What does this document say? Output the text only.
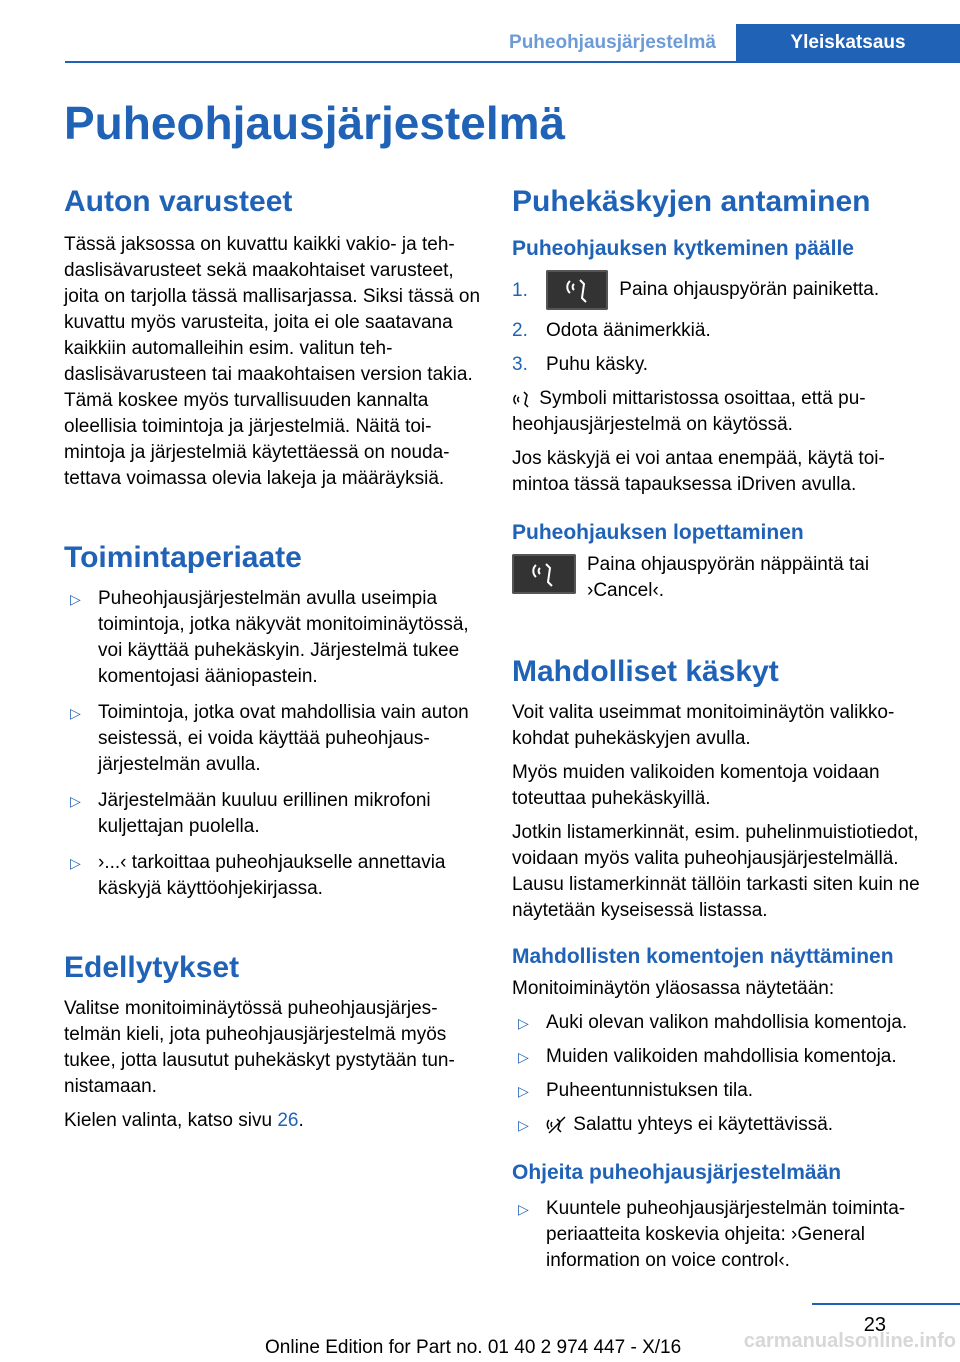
Puheohjausjärjestelmä	Yleiskatsaus
Puheohjausjärjestelmä
Auton varusteet

Tässä jaksossa on kuvattu kaikki vakio- ja tehdaslisävarusteet sekä maakohtaiset varusteet, joita on tarjolla tässä mallisarjassa. Siksi tässä on kuvattu myös varusteita, joita ei ole saatavana kaikkiin automalleihin esim. valitun tehdaslisävarusteen tai maakohtaisen version takia. Tämä koskee myös turvallisuuden kannalta oleellisia toimintoja ja järjestelmiä. Näitä toimintoja ja järjestelmiä käytettäessä on noudatettava voimassa olevia lakeja ja määräyksiä.

Toimintaperiaate
▷ Puheohjausjärjestelmän avulla useimpia toimintoja, jotka näkyvät monitoiminäytössä, voi käyttää puhekäskyin. Järjestelmä tukee komentojasi ääniopastein.
▷ Toimintoja, jotka ovat mahdollisia vain auton seistessä, ei voida käyttää puheohjausjärjestelmän avulla.
▷ Järjestelmään kuuluu erillinen mikrofoni kuljettajan puolella.
▷ ›...‹ tarkoittaa puheohjaukselle annettavia käskyjä käyttöohjekirjassa.
Edellytykset

Valitse monitoiminäytössä puheohjausjärjestelmän kieli, jota puheohjausjärjestelmä myös tukee, jotta lausutut puhekäskyt pystytään tunnistamaan.

Kielen valinta, katso sivu 26.

Puhekäskyjen antaminen
Puheohjauksen kytkeminen päälle
1.	Paina ohjauspyörän painiketta.
2. Odota äänimerkkiä.
3. Puhu käsky.

Symboli mittaristossa osoittaa, että puheohjausjärjestelmä on käytössä.

Jos käskyjä ei voi antaa enempää, käytä toimintoa tässä tapauksessa iDriven avulla.

Puheohjauksen lopettaminen
Paina ohjauspyörän näppäintä tai ›Cancel‹.
Mahdolliset käskyt

Voit valita useimmat monitoiminäytön valikkokohdat puhekäskyjen avulla.

Myös muiden valikoiden komentoja voidaan toteuttaa puhekäskyillä.

Jotkin listamerkinnät, esim. puhelinmuistiotiedot, voidaan myös valita puheohjausjärjestelmällä. Lausu listamerkinnät tällöin tarkasti siten kuin ne näytetään kyseisessä listassa.

Mahdollisten komentojen näyttäminen

Monitoiminäytön yläosassa näytetään:

▷ Auki olevan valikon mahdollisia komentoja.
▷ Muiden valikoiden mahdollisia komentoja.
▷ Puheentunnistuksen tila.
▷ Salattu yhteys ei käytettävissä.
Ohjeita puheohjausjärjestelmään
▷ Kuuntele puheohjausjärjestelmän toimintaperiaatteita koskevia ohjeita: ›General information on voice control‹.
23
Online Edition for Part no. 01 40 2 974 447 - X/16	carmanualsonline.info
